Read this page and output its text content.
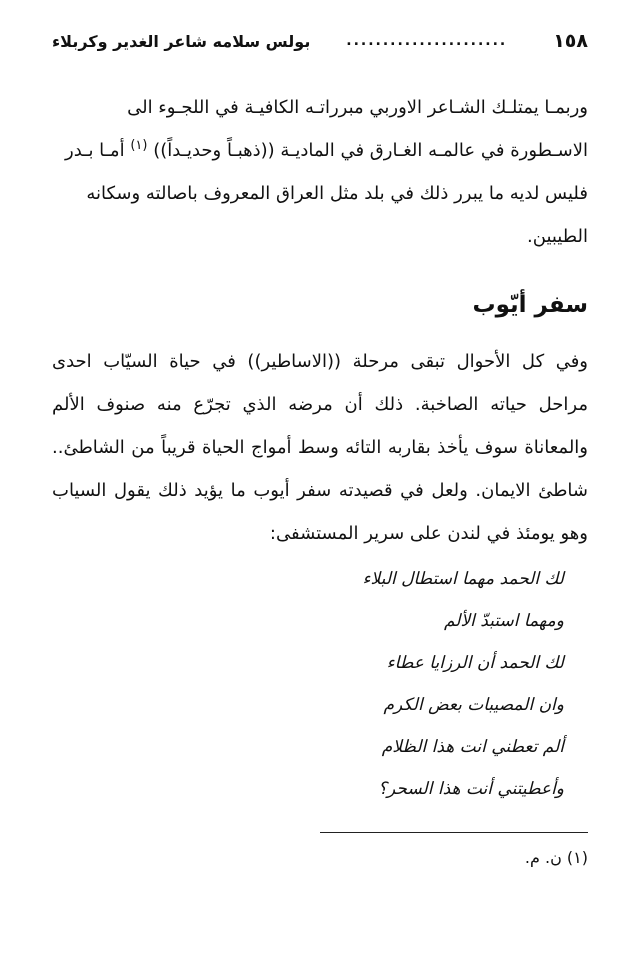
١٥٨
......................
بولس سلامه شاعر الغدير وكربلاء
وربمـا يمتلـك الشـاعر الاوربي مبرراتـه الكافيـة في اللجـوء الى
الاسـطورة في عالمـه الغـارق في الماديـة ((ذهبـاً وحديـداً)) $^{(١)}$ أمـا بـدر
فليس لديه ما يبرر ذلك في بلد مثل العراق المعروف باصالته وسكانه
الطيبين.
سفر أيّوب
وفي كل الأحوال تبقى مرحلة ((الاساطير)) في حياة السيّاب احدى مراحل حياته الصاخبة. ذلك أن مرضه الذي تجرّع منه صنوف الألم والمعاناة سوف يأخذ بقاربه التائه وسط أمواج الحياة قريباً من الشاطئ.. شاطئ الايمان. ولعل في قصيدته سفر أيوب ما يؤيد ذلك يقول السياب وهو يومئذ في لندن على سرير المستشفى:
لك الحمد مهما استطال البلاء
ومهما استبدّ الألم
لك الحمد أن الرزايا عطاء
وان المصيبات بعض الكرم
ألم تعطني انت هذا الظلام
وأعطيتني أنت هذا السحر؟
(١) ن. م.
